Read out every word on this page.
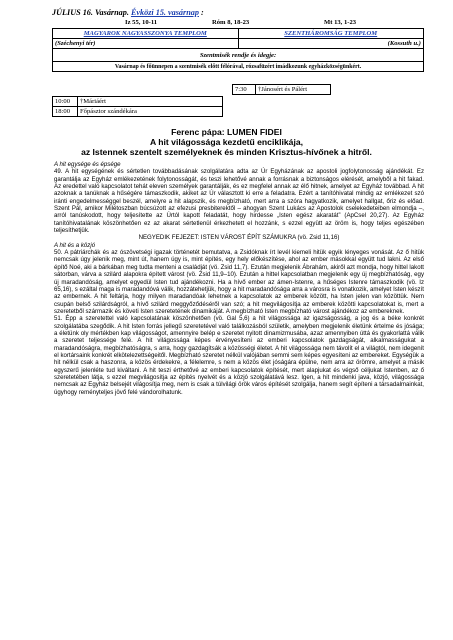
JÚLIUS 16. Vasárnap. Évközi 15. vasárnap :
Iz 55, 10-11	Róm 8, 18-23	Mt 13, 1-23
MAGYAROK NAGYASSZONYA TEMPLOM	SZENTHÁROMSÁG TEMPLOM
(Széchenyi tér)	(Kossuth u.)
Szentmisék rendje és idegje:	
Vasárnap és főünnepen a szentmisék előtt félórával, rózsafüzért imádkozunk egyházközségünkért.	
7:30	†Jánosért és Pálért
10:00	†Máriáért
18:00	Főpásztor szándékára
Ferenc pápa: LUMEN FIDEI
A hit világossága kezdetű enciklikája,
az Istennek szentelt személyeknek és minden Krisztus-hívőnek a hitről.

A hit egysége és épsége

49. A hit egységének és sértetlen továbbadásának szolgálatára adta az Úr Egyházának az apostoli jogfolytonosság ajándékát. Ez garantálja az Egyház emlékezetének folytonosságát, és teszi lehetővé annak a forrásnak a biztonságos elérését, amelyből a hit fakad. Az eredettel való kapcsolatot tehát eleven személyek garantálják, és ez megfelel annak az élő hitnek, amelyet az Egyház továbbad. A hit azoknak a tanúknak a hűségére támaszkodik, akiket az Úr választott ki erre a feladatra. Ezért a tanítóhivatal mindig az emlékezet szó iránti engedelmességgel beszél, amelyre a hit alapszik, és megbízható, mert arra a szóra hagyatkozik, amelyet hallgat, őriz és előad. Szent Pál, amikor Milétoszban búcsúzott az efezusi presbiterektől – ahogyan Szent Lukács az Apostolok cselekedeteiben elmondja –, arról tanúskodott, hogy teljesítette az Úrtól kapott feladatát, hogy hirdesse „Isten egész akaratát” (ApCsel 20,27). Az Egyház tanítóhivatalának köszönhetően ez az akarat sértetlenül érkezhetett el hozzánk, s ezzel együtt az öröm is, hogy teljes egészében teljesíthetjük.

NEGYEDIK FEJEZET: ISTEN VÁROST ÉPÍT SZÁMUKRA (vö. Zsid 11,16)

A hit és a közjó

50. A pátriárchák és az ószövetségi igazak történetét bemutatva, a Zsidóknak írt levél kiemeli hitük egyik lényeges vonását. Az ő hitük nemcsak úgy jelenik meg, mint út, hanem úgy is, mint építés, egy hely előkészítése, ahol az ember másokkal együtt tud lakni. Az első építő Noé, aki a bárkában meg tudta menteni a családját (vö. Zsid 11,7). Ezután megjelenik Ábrahám, akiről azt mondja, hogy hittel lakott sátorban, várva a szilárd alapokra épített várost (vö. Zsid 11,9–10). Ezután a hittel kapcsolatban megjelenik egy új megbízhatóság, egy új maradandóság, amelyet egyedül Isten tud ajándékozni. Ha a hívő ember az ámen-Istenre, a hűséges Istenre támaszkodik (vö. Iz 65,16), s ezáltal maga is maradandóvá válik, hozzátehetjük, hogy a hit maradandósága arra a városra is vonatkozik, amelyet Isten készít az embernek. A hit feltárja, hogy milyen maradandóak lehetnek a kapcsolatok az emberek között, ha Isten jelen van közöttük. Nem csupán belső szilárdságról, a hívő szilárd meggyőződéséről van szó; a hit megvilágosítja az emberek közötti kapcsolatokat is, mert a szeretetből származik és követi Isten szeretetének dinamikáját. A megbízható Isten megbízható várost ajándékoz az embereknek.

51. Épp a szeretettel való kapcsolatának köszönhetően (vö. Gal 5,6) a hit világossága az igazságosság, a jog és a béke konkrét szolgálatába szegődik. A hit Isten forrás jellegű szeretetével való találkozásból születik, amelyben megjelenik életünk értelme és jósága; a életünk oly mértékben kap világosságot, amennyire belép e szeretet nyitott dinamizmusába, azaz amennyiben úttá és gyakorlattá válik a szeretet teljessége felé. A hit világossága képes érvényesíteni az emberi kapcsolatok gazdagságát, alkalmasságukat a maradandóságra, megbízhatóságra, s arra, hogy gazdagítsák a közösségi életet. A hit világossága nem távolít el a világtól, nem idegenít el kortársaink konkrét elkötelezettségeitől. Megbízható szeretet nélkül valójában semmi sem képes egyesíteni az embereket. Egységük a hit nélkül csak a haszonra, a közös érdekekre, a félelemre, s nem a közös élet jóságára épülne, nem arra az örömre, amelyet a másik egyszerű jelenléte tud kiváltani. A hit teszi érthetővé az emberi kapcsolatok építését, mert alapjukat és végső céljukat Istenben, az ő szeretetében látja, s ezzel megvilágosítja az építés nyelvét és a közjó szolgálatává lesz. Igen, a hit mindenki java, közjó, világossága nemcsak az Egyház belsejét világosítja meg, nem is csak a túlvilági örök város építését szolgálja, hanem segít építeni a társadalmainkat, úgyhogy reménytelјes jövő felé vándorolhatunk.
